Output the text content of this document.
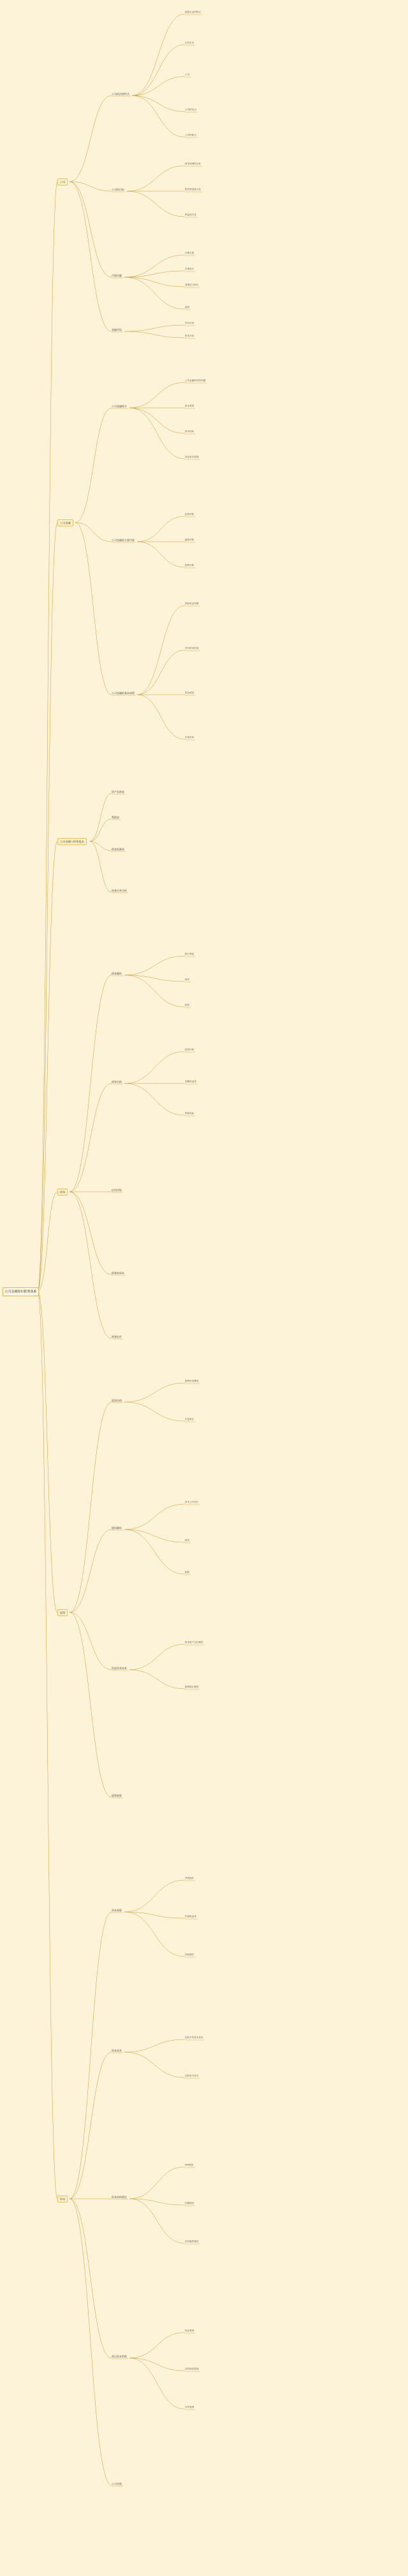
公司金融知识框架体系
公司
公司的法律形式
独资企业的特点
合伙企业
公司
公司的优点
公司的缺点
公司的目标
财务管理的目标
股东财富最大化
利益相关者
代理问题
代理关系
代理成本
管理层与股东
监督
金融市场
货币市场
资本市场
公司金融
公司金融简介
公司金融研究的问题
资本预算
资本结构
营运资本管理
公司金融的主要内容
投资决策
融资决策
股利决策
公司金融的基本原理
风险收益权衡
货币时间价值
现金流量
市场效率
公司金融与财务报表
资产负债表
利润表
现金流量表
财务比率分析
债务
债务融资
银行贷款
债券
租赁
债券估值
债券价格
到期收益率
利率风险
信用评级
债务的成本
财务杠杆
股票
股票估值
股利折现模型
市盈率法
股权融资
首次公开发行
增发
配股
权益资本成本
资本资产定价模型
股利增长模型
股利政策
资本
资本预算
净现值法
内部收益率
回收期法
资本成本
加权平均资本成本
边际资本成本
资本结构理论
MM理论
权衡理论
优序融资理论
营运资本管理
现金管理
应收账款管理
存货管理
公司并购
